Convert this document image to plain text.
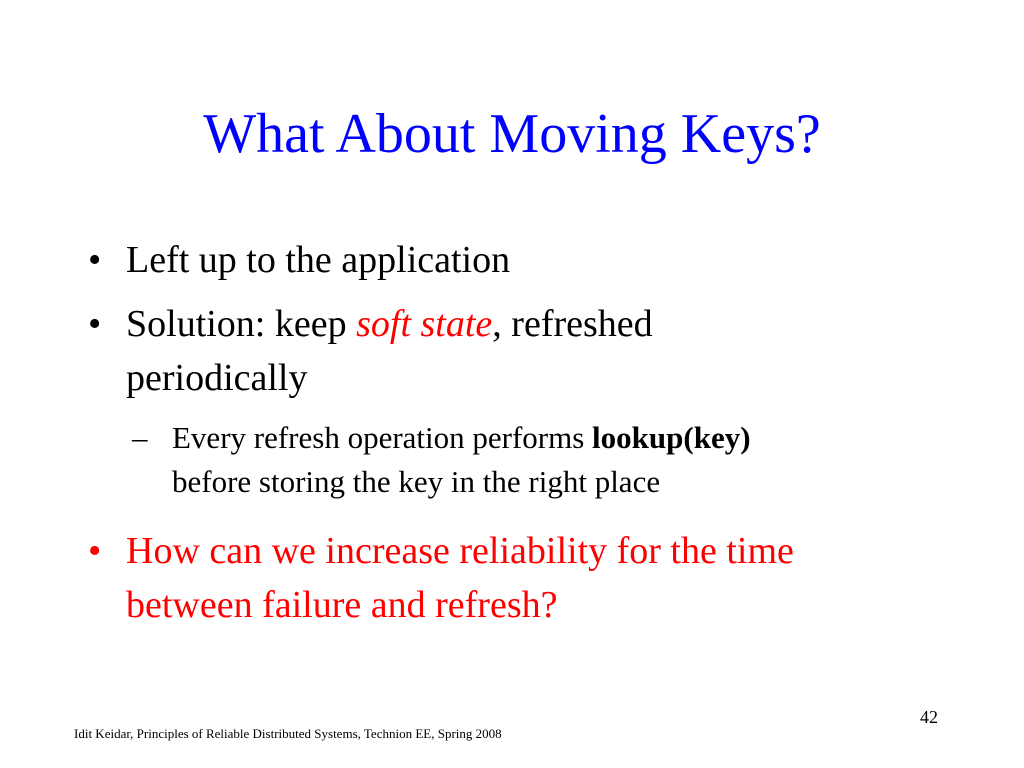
What About Moving Keys?
• Left up to the application
• Solution: keep soft state, refreshed
periodically
– Every refresh operation performs lookup(key)
before storing the key in the right place
• How can we increase reliability for the time
between failure and refresh?
42
Idit Keidar, Principles of Reliable Distributed Systems, Technion EE, Spring 2008
